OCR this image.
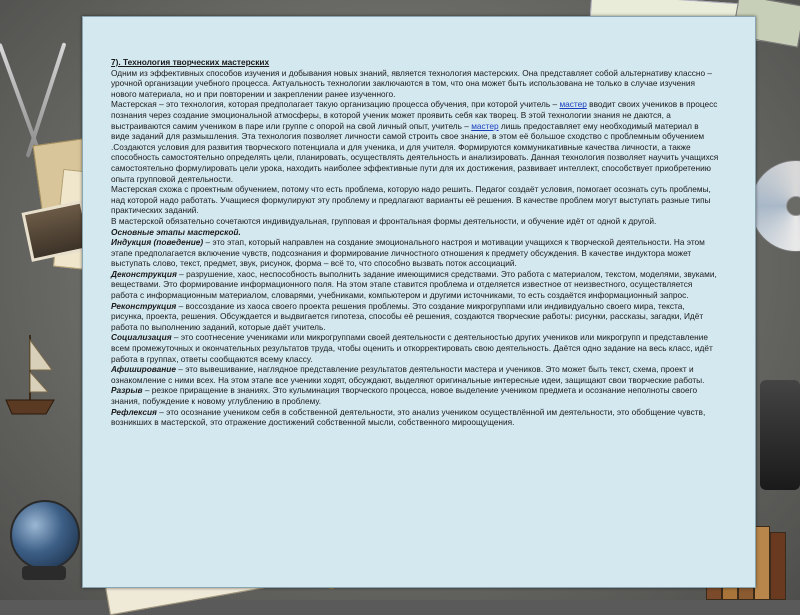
7). Технология творческих мастерских

Одним из эффективных способов изучения и добывания новых знаний, является технология мастерских. Она представляет собой альтернативу классно – урочной организации учебного процесса. Актуальность технологии заключаются в том, что она может быть использована не только в случае изучения нового материала, но и при повторении и закреплении ранее изученного.

Мастерская – это технология, которая предполагает такую организацию процесса обучения, при которой учитель – мастер вводит своих учеников в процесс познания через создание эмоциональной атмосферы, в которой ученик может проявить себя как творец. В этой технологии знания не даются, а выстраиваются самим учеником в паре или группе с опорой на свой личный опыт, учитель – мастер лишь предоставляет ему необходимый материал в виде заданий для размышления. Эта технология позволяет личности самой строить свое знание, в этом её большое сходство с проблемным обучением .Создаются условия для развития творческого потенциала и для ученика, и для учителя. Формируются коммуникативные качества личности, а также способность самостоятельно определять цели, планировать, осуществлять деятельность и анализировать. Данная технология позволяет научить учащихся самостоятельно формулировать цели урока, находить наиболее эффективные пути для их достижения, развивает интеллект, способствует приобретению опыта групповой деятельности.

Мастерская схожа с проектным обучением, потому что есть проблема, которую надо решить. Педагог создаёт условия, помогает осознать суть проблемы, над которой надо работать. Учащиеся формулируют эту проблему и предлагают варианты её решения. В качестве проблем могут выступать разные типы практических заданий.

В мастерской обязательно сочетаются индивидуальная, групповая и фронтальная формы деятельности, и обучение идёт от одной к другой.

Основные этапы мастерской.

Индукция (поведение) – это этап, который направлен на создание эмоционального настроя и мотивации учащихся к творческой деятельности. На этом этапе предполагается включение чувств, подсознания и формирование личностного отношения к предмету обсуждения. В качестве индуктора может выступать слово, текст, предмет, звук, рисунок, форма – всё то, что способно вызвать поток ассоциаций.

Деконструкция – разрушение, хаос, неспособность выполнить задание имеющимися средствами. Это работа с материалом, текстом, моделями, звуками, веществами. Это формирование информационного поля. На этом этапе ставится проблема и отделяется известное от неизвестного, осуществляется работа с информационным материалом, словарями, учебниками, компьютером и другими источниками, то есть создаётся информационный запрос.

Реконструкция – воссоздание из хаоса своего проекта решения проблемы. Это создание микрогруппами или индивидуально своего мира, текста, рисунка, проекта, решения. Обсуждается и выдвигается гипотеза, способы её решения, создаются творческие работы: рисунки, рассказы, загадки, Идёт работа по выполнению заданий, которые даёт учитель.

Социализация – это соотнесение учениками или микрогруппами своей деятельности с деятельностью других учеников или микрогрупп и представление всем промежуточных и окончательных результатов труда, чтобы оценить и откорректировать свою деятельность. Даётся одно задание на весь класс, идёт работа в группах, ответы сообщаются всему классу.

Афиширование – это вывешивание, наглядное представление результатов деятельности мастера и учеников. Это может быть текст, схема, проект и ознакомление с ними всех. На этом этапе все ученики ходят, обсуждают, выделяют оригинальные интересные идеи, защищают свои творческие работы.

Разрыв – резкое приращение в знаниях. Это кульминация творческого процесса, новое выделение учеником предмета и осознание неполноты своего знания, побуждение к новому углублению в проблему.

Рефлексия – это осознание учеником себя в собственной деятельности, это анализ учеником осуществлённой им деятельности, это обобщение чувств, возникших в мастерской, это отражение достижений собственной мысли, собственного мироощущения.
